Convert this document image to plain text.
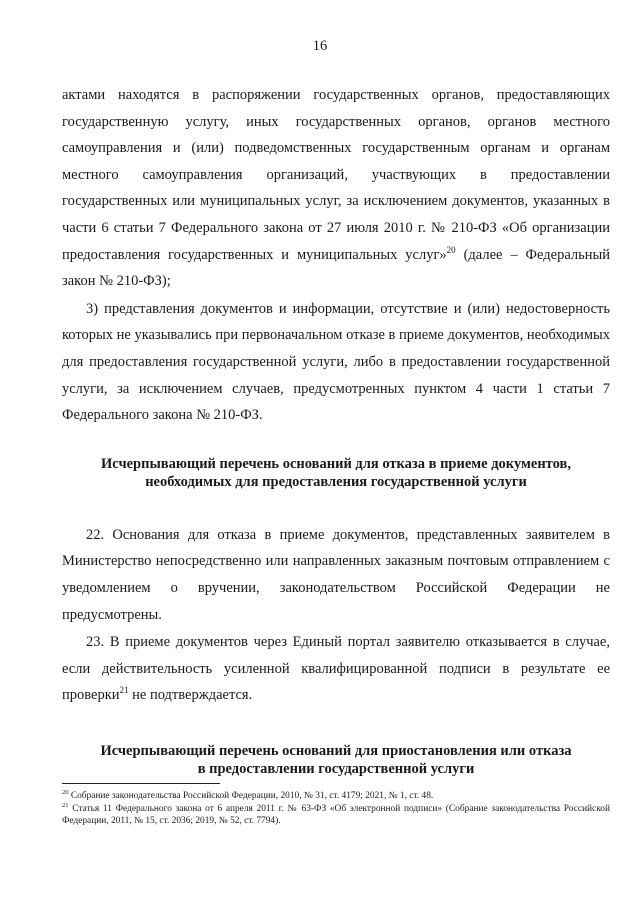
16

актами находятся в распоряжении государственных органов, предоставляющих государственную услугу, иных государственных органов, органов местного самоуправления и (или) подведомственных государственным органам и органам местного самоуправления организаций, участвующих в предоставлении государственных или муниципальных услуг, за исключением документов, указанных в части 6 статьи 7 Федерального закона от 27 июля 2010 г. № 210-ФЗ «Об организации предоставления государственных и муниципальных услуг»$^{20}$ (далее – Федеральный закон № 210-ФЗ);

3) представления документов и информации, отсутствие и (или) недостоверность которых не указывались при первоначальном отказе в приеме документов, необходимых для предоставления государственной услуги, либо в предоставлении государственной услуги, за исключением случаев, предусмотренных пунктом 4 части 1 статьи 7 Федерального закона № 210-ФЗ.

Исчерпывающий перечень оснований для отказа в приеме документов,
необходимых для предоставления государственной услуги

22. Основания для отказа в приеме документов, представленных заявителем в Министерство непосредственно или направленных заказным почтовым отправлением с уведомлением о вручении, законодательством Российской Федерации не предусмотрены.

23. В приеме документов через Единый портал заявителю отказывается в случае, если действительность усиленной квалифицированной подписи в результате ее проверки$^{21}$ не подтверждается.

Исчерпывающий перечень оснований для приостановления или отказа
в предоставлении государственной услуги

$^{20}$ Собрание законодательства Российской Федерации, 2010, № 31, ст. 4179; 2021, № 1, ст. 48.

$^{21}$ Статья 11 Федерального закона от 6 апреля 2011 г. № 63-ФЗ «Об электронной подписи» (Собрание законодательства Российской Федерации, 2011, № 15, ст. 2036; 2019, № 52, ст. 7794).
